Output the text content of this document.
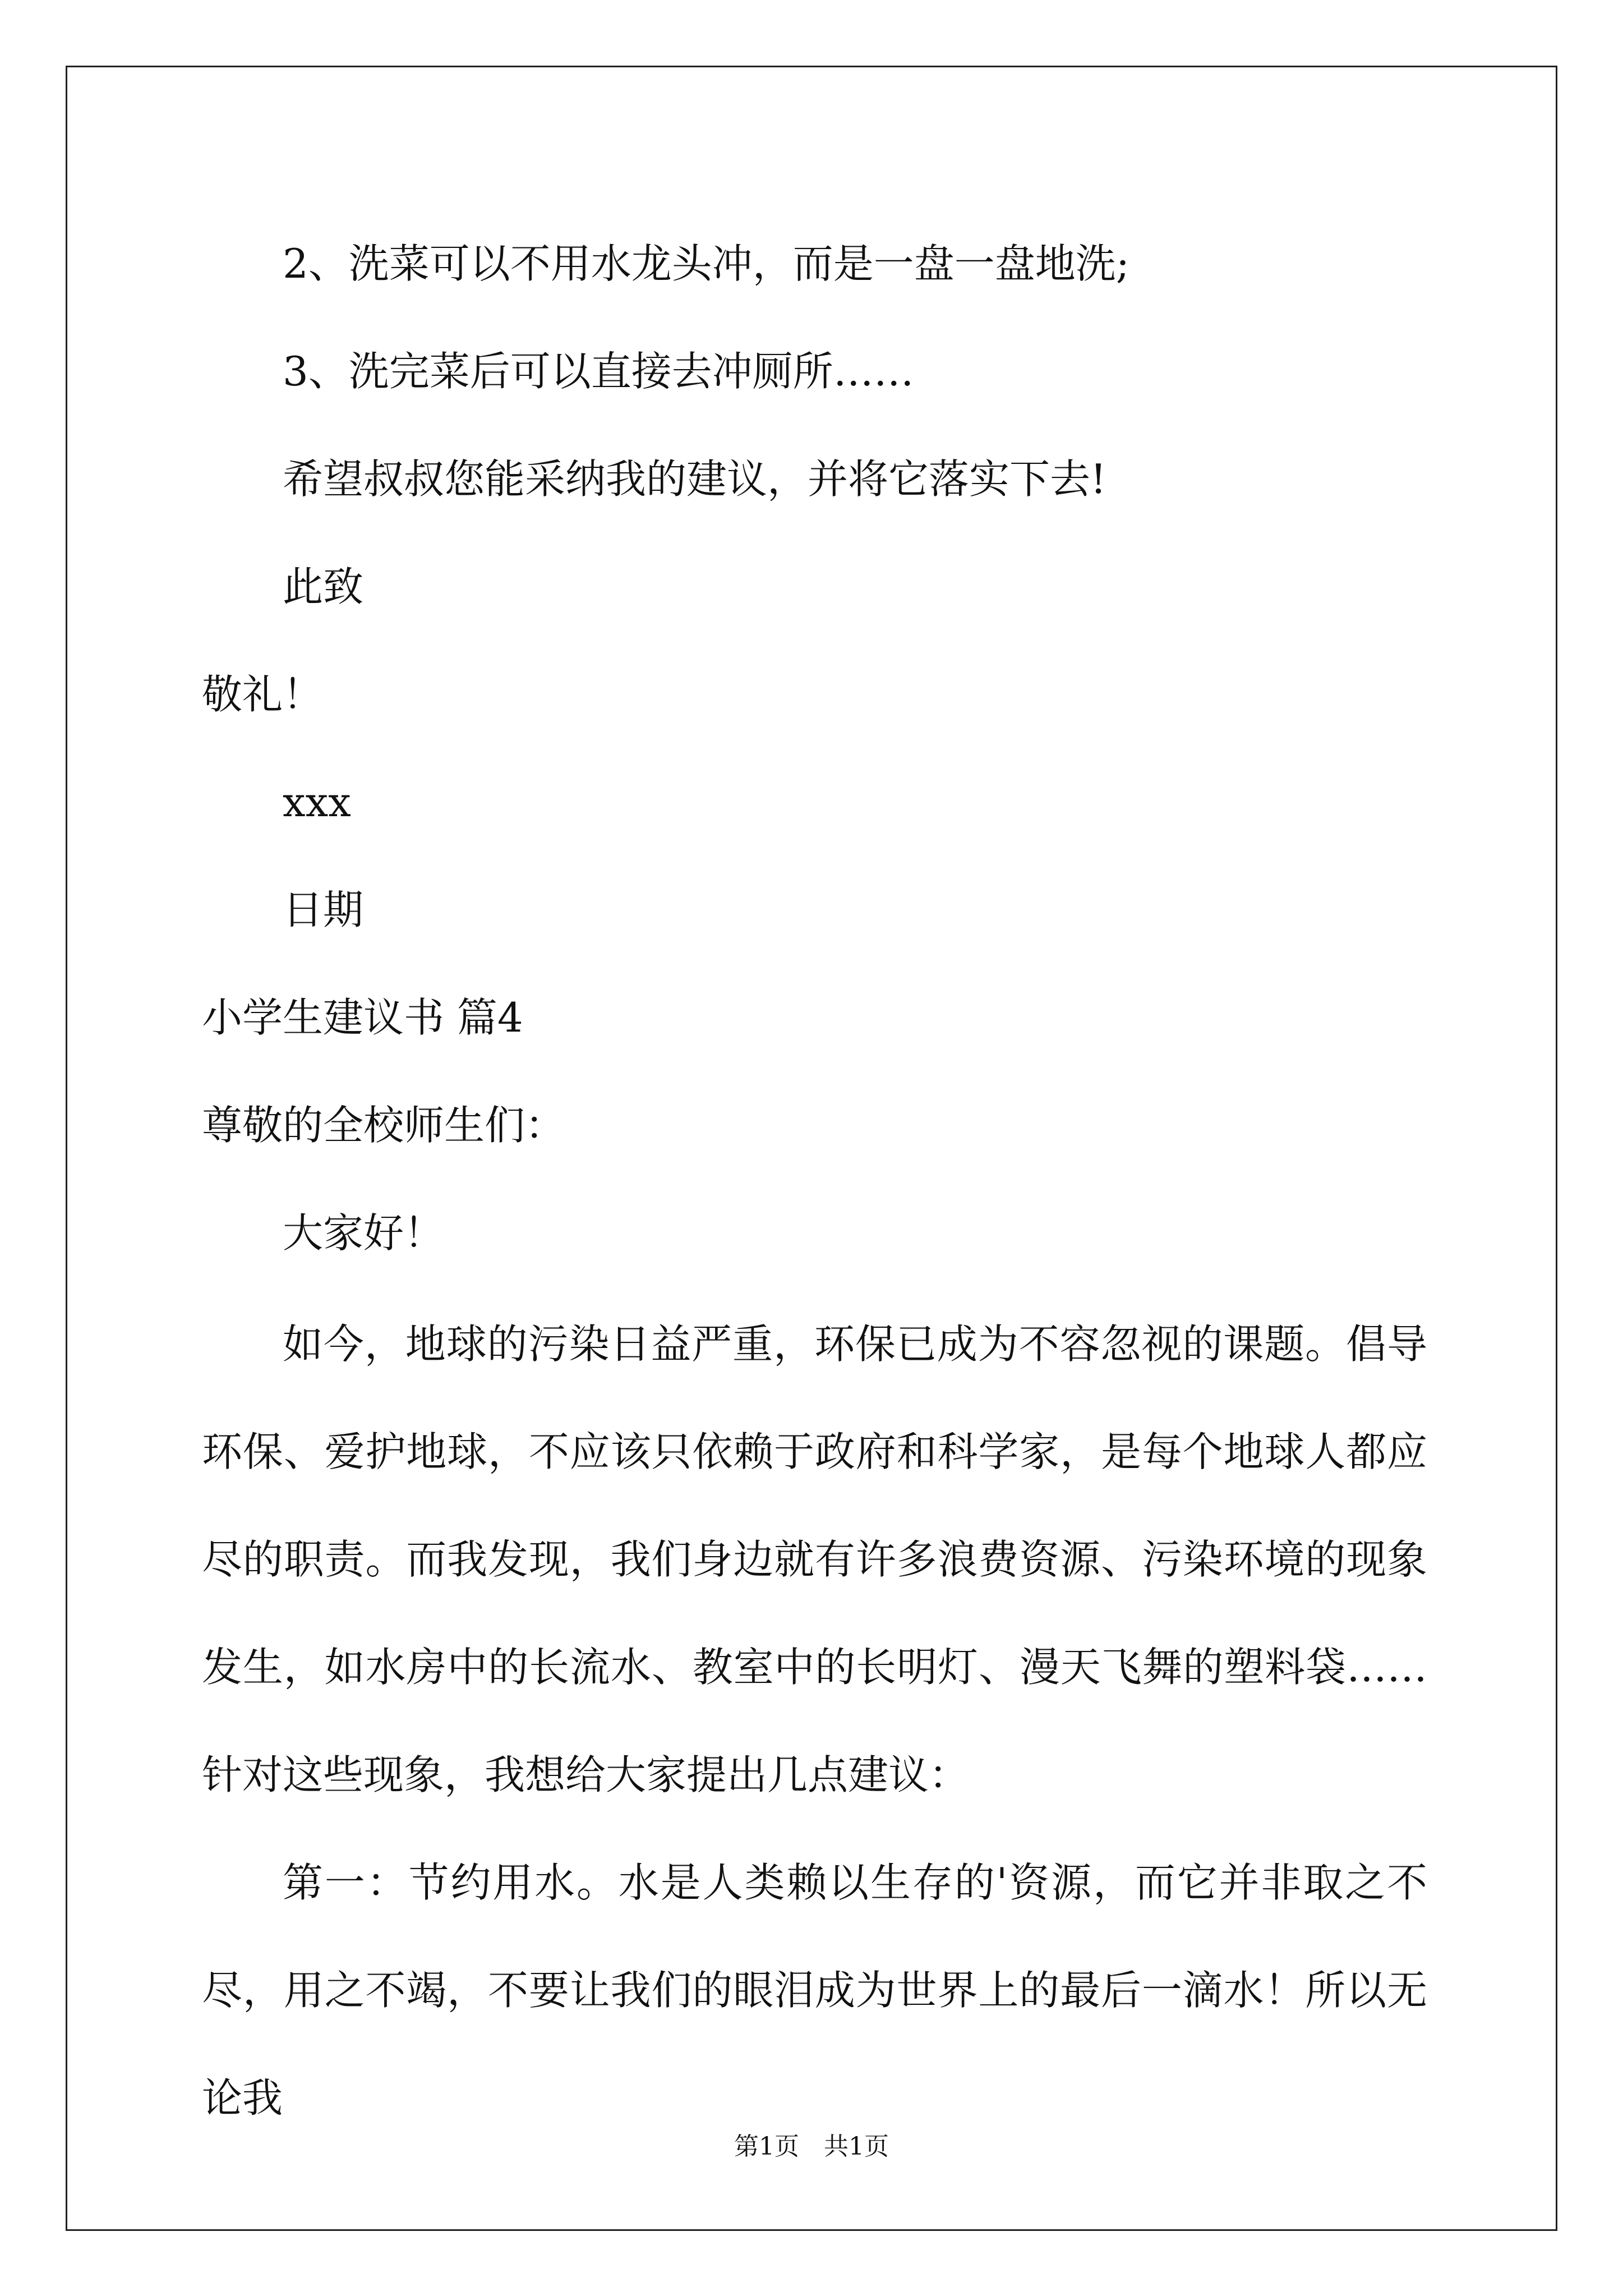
2、洗菜可以不用水龙头冲，而是一盘一盘地洗;

3、洗完菜后可以直接去冲厕所……

希望叔叔您能采纳我的建议，并将它落实下去!

此致

敬礼！

xxx

日期

小学生建议书 篇4

尊敬的全校师生们：

大家好！

如今，地球的污染日益严重，环保已成为不容忽视的课题。倡导环保、爱护地球，不应该只依赖于政府和科学家，是每个地球人都应尽的职责。而我发现，我们身边就有许多浪费资源、污染环境的现象发生，如水房中的长流水、教室中的长明灯、漫天飞舞的塑料袋……针对这些现象，我想给大家提出几点建议：

第一：节约用水。水是人类赖以生存的'资源，而它并非取之不尽，用之不竭，不要让我们的眼泪成为世界上的最后一滴水！所以无论我

第1页　共1页
